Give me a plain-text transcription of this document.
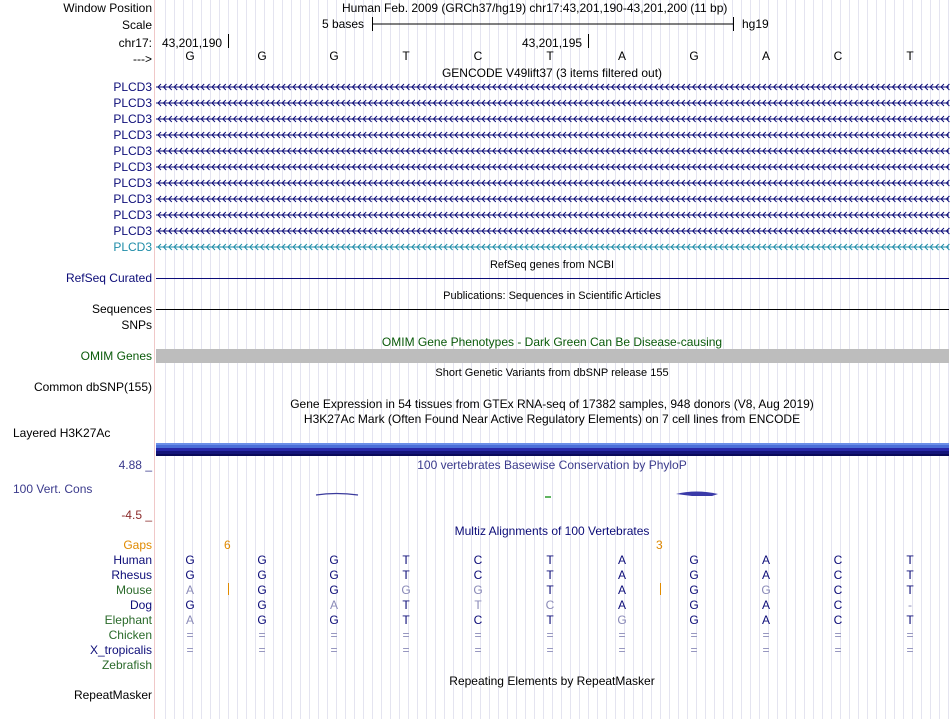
Window Position	Human Feb. 2009 (GRCh37/hg19) chr17:43,201,190-43,201,200 (11 bp)
Scale	5 bases	hg19
chr17: 43,201,190	43,201,195
--->	G	G	G	T	C	T	A	G	A	C	T
GENCODE V49lift37 (3 items filtered out)
PLCD3
PLCD3
PLCD3
PLCD3
PLCD3
PLCD3
PLCD3
PLCD3
PLCD3
PLCD3
PLCD3
RefSeq genes from NCBI
RefSeq Curated
Publications: Sequences in Scientific Articles
Sequences
SNPs
OMIM Gene Phenotypes - Dark Green Can Be Disease-causing
OMIM Genes
Short Genetic Variants from dbSNP release 155
Common dbSNP(155)
Gene Expression in 54 tissues from GTEx RNA-seq of 17382 samples, 948 donors (V8, Aug 2019)
H3K27Ac Mark (Often Found Near Active Regulatory Elements) on 7 cell lines from ENCODE
Layered H3K27Ac
100 vertebrates Basewise Conservation by PhyloP
4.88 _
100 Vert. Cons
-4.5 _
Multiz Alignments of 100 Vertebrates
Gaps	6	3
Human	G	G	G	T	C	T	A	G	A	C	T
Rhesus	G	G	G	T	C	T	A	G	A	C	T
Mouse	A	G	G	G	G	T	A	G	G	C	T
Dog	G	G	A	T	T	C	A	G	A	C	-
Elephant	A	G	G	T	C	T	G	G	A	C	T
Chicken	=	=	=	=	=	=	=	=	=	=	=
X_tropicalis	=	=	=	=	=	=	=	=	=	=	=
Zebrafish
Repeating Elements by RepeatMasker
RepeatMasker
